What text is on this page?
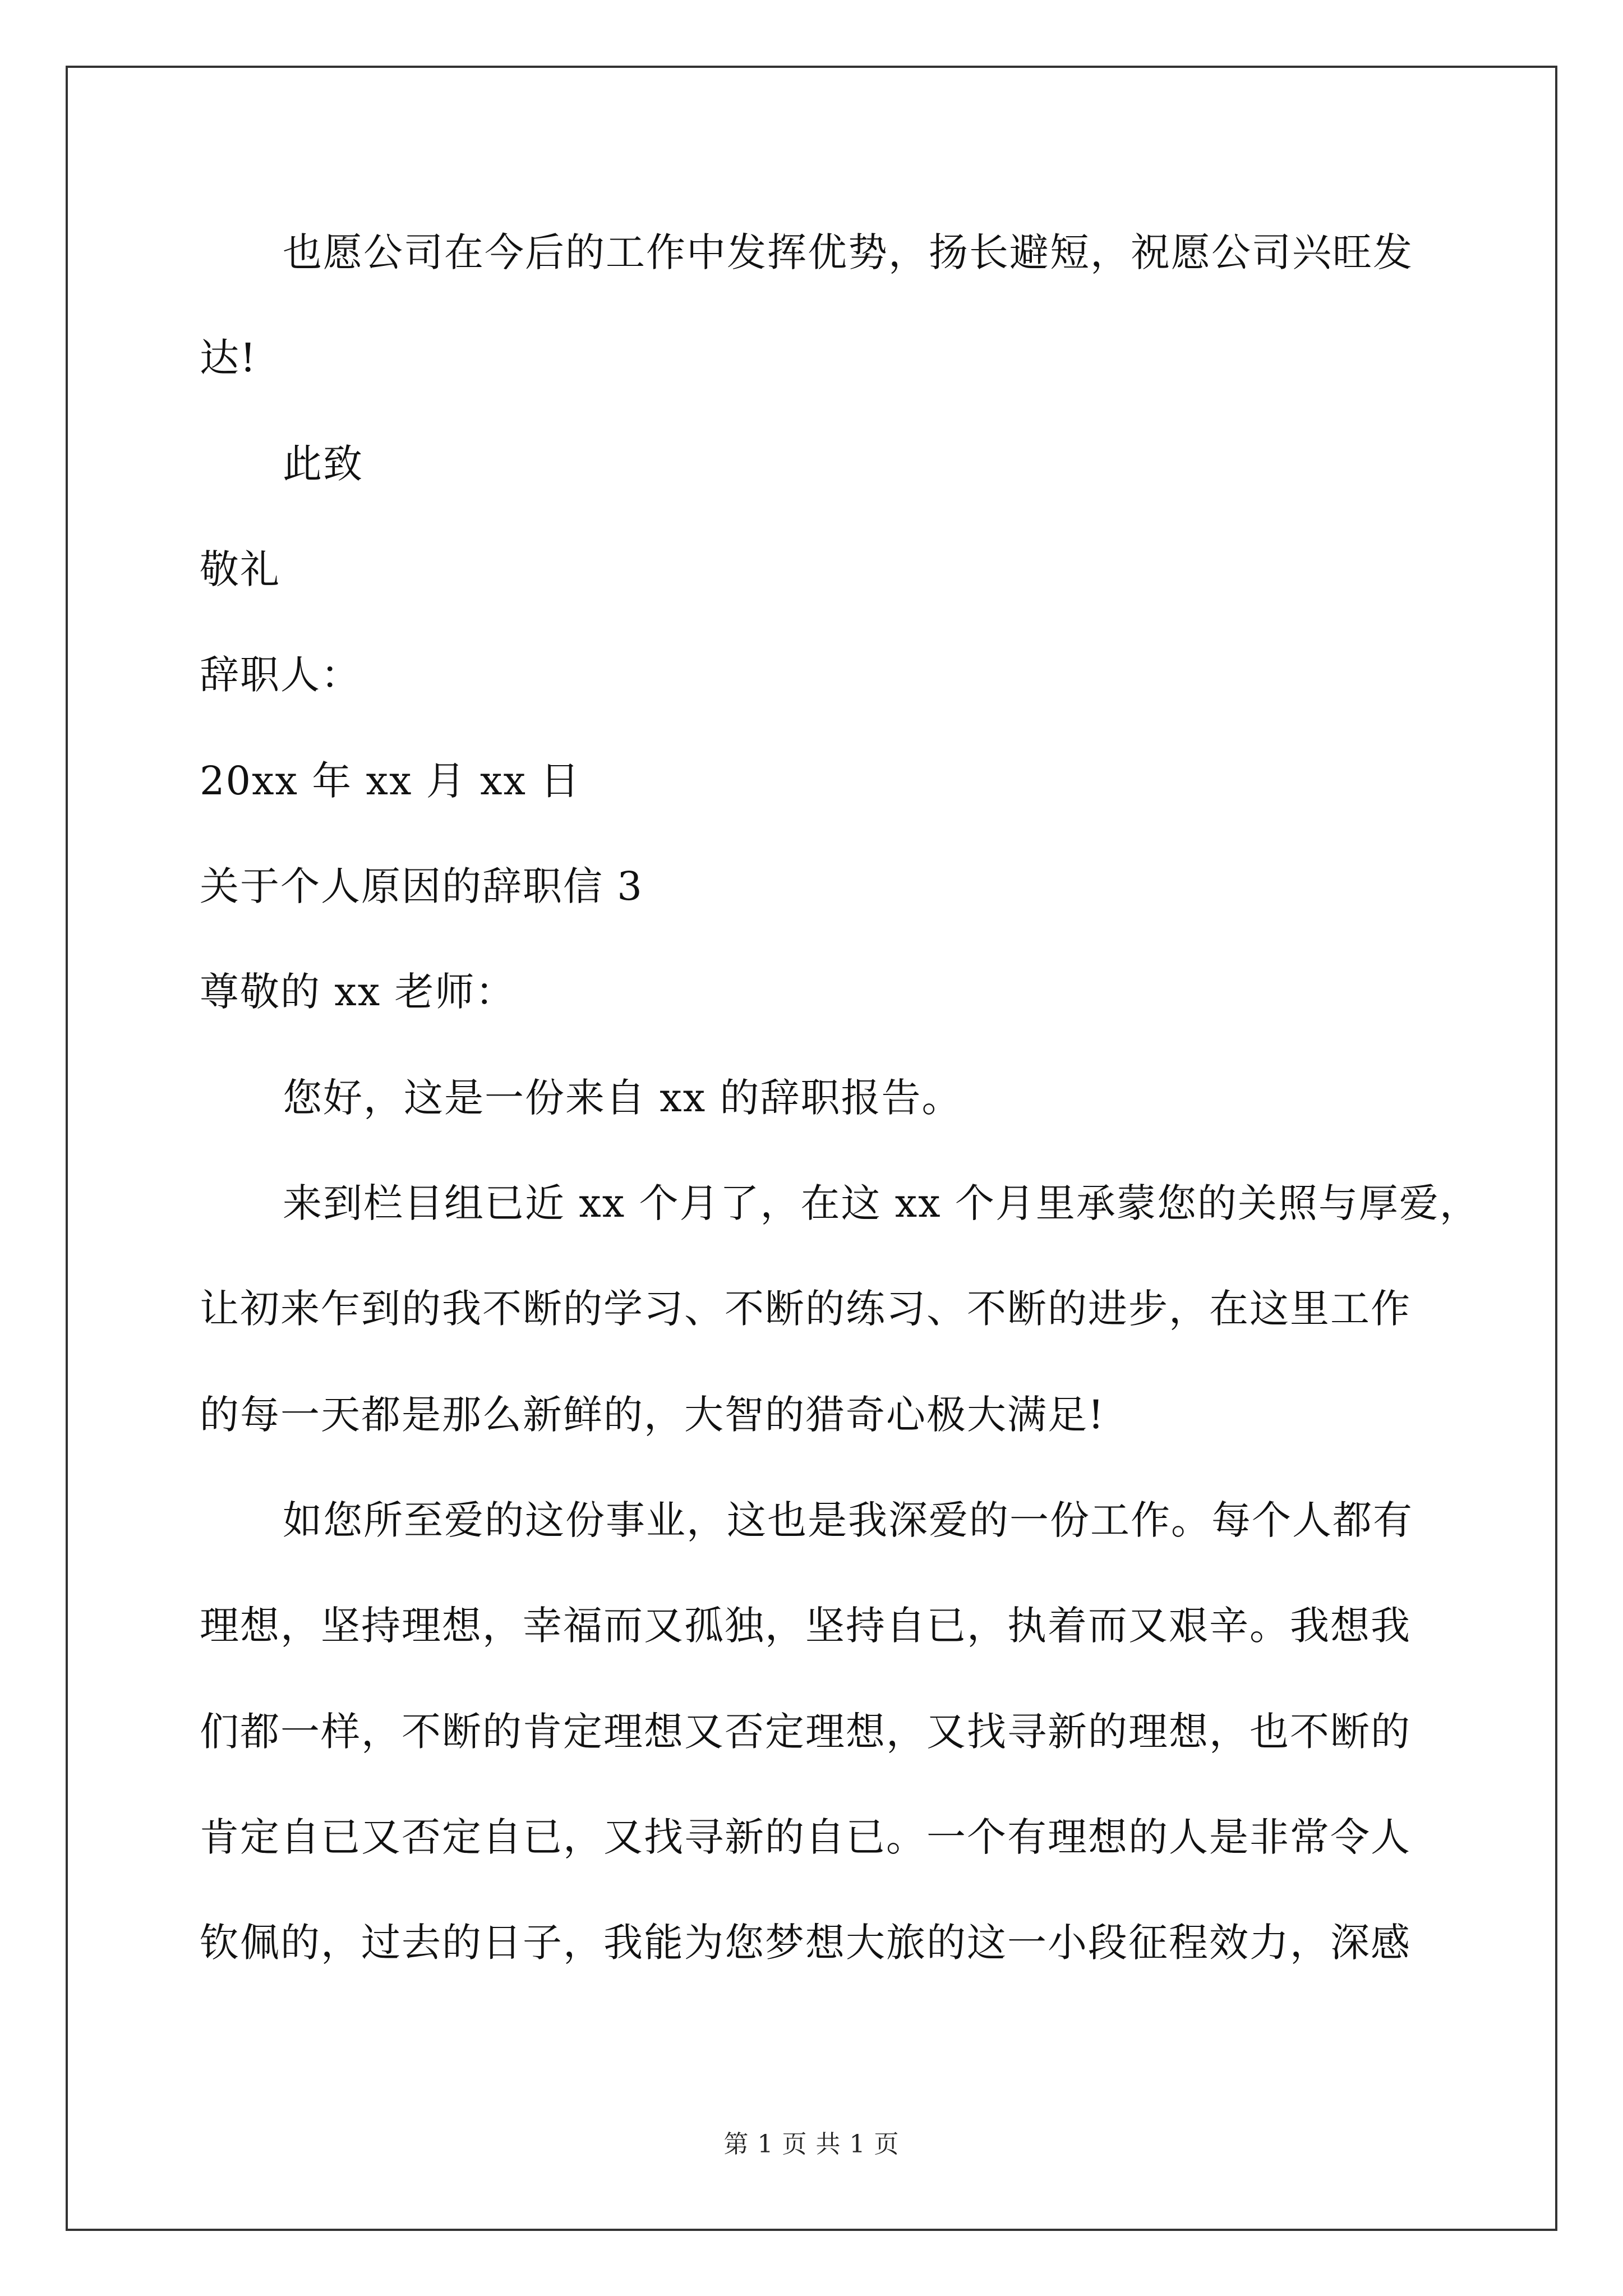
也愿公司在今后的工作中发挥优势，扬长避短，祝愿公司兴旺发
达!
此致
敬礼
辞职人：
20xx 年 xx 月 xx 日
关于个人原因的辞职信 3
尊敬的 xx 老师：
您好，这是一份来自 xx 的辞职报告。
来到栏目组已近 xx 个月了，在这 xx 个月里承蒙您的关照与厚爱，
让初来乍到的我不断的学习、不断的练习、不断的进步，在这里工作
的每一天都是那么新鲜的，大智的猎奇心极大满足!
如您所至爱的这份事业，这也是我深爱的一份工作。每个人都有
理想，坚持理想，幸福而又孤独，坚持自已，执着而又艰辛。我想我
们都一样，不断的肯定理想又否定理想，又找寻新的理想，也不断的
肯定自已又否定自已，又找寻新的自已。一个有理想的人是非常令人
钦佩的，过去的日子，我能为您梦想大旅的这一小段征程效力，深感
第 1 页 共 1 页
